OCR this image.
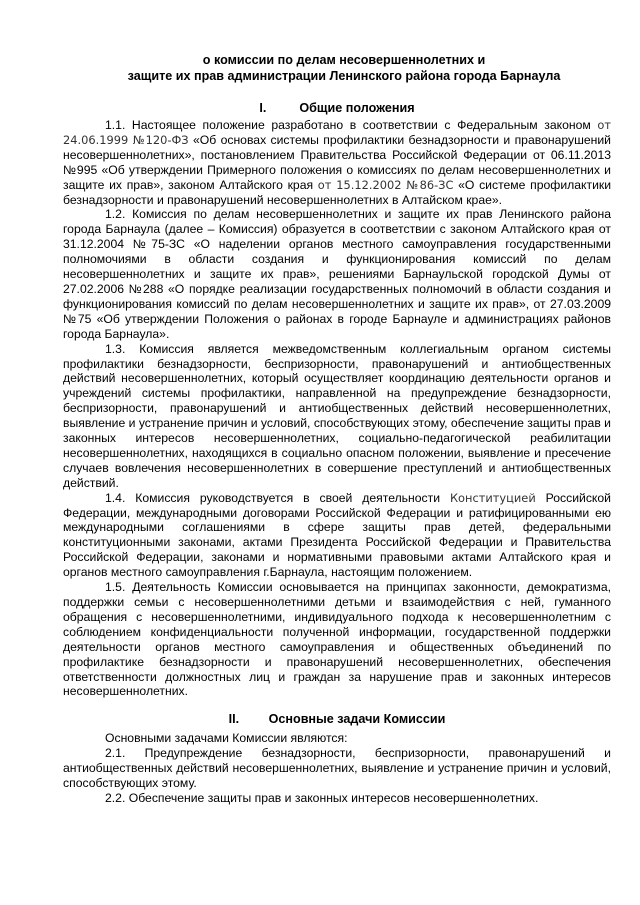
о комиссии по делам несовершеннолетних и
защите их прав администрации Ленинского района города Барнаула
I.	Общие положения

1.1. Настоящее положение разработано в соответствии с Федеральным законом от 24.06.1999 №120-ФЗ «Об основах системы профилактики безнадзорности и правонарушений несовершеннолетних», постановлением Правительства Российской Федерации от 06.11.2013 №995 «Об утверждении Примерного положения о комиссиях по делам несовершеннолетних и защите их прав», законом Алтайского края от 15.12.2002 №86-ЗС «О системе профилактики безнадзорности и правонарушений несовершеннолетних в Алтайском крае».

1.2. Комиссия по делам несовершеннолетних и защите их прав Ленинского района города Барнаула (далее – Комиссия) образуется в соответствии с законом Алтайского края от 31.12.2004 №75-ЗС «О наделении органов местного самоуправления государственными полномочиями в области создания и функционирования комиссий по делам несовершеннолетних и защите их прав», решениями Барнаульской городской Думы от 27.02.2006 №288 «О порядке реализации государственных полномочий в области создания и функционирования комиссий по делам несовершеннолетних и защите их прав», от 27.03.2009 №75 «Об утверждении Положения о районах в городе Барнауле и администрациях районов города Барнаула».

1.3. Комиссия является межведомственным коллегиальным органом системы профилактики безнадзорности, беспризорности, правонарушений и антиобщественных действий несовершеннолетних, который осуществляет координацию деятельности органов и учреждений системы профилактики, направленной на предупреждение безнадзорности, беспризорности, правонарушений и антиобщественных действий несовершеннолетних, выявление и устранение причин и условий, способствующих этому, обеспечение защиты прав и законных интересов несовершеннолетних, социально-педагогической реабилитации несовершеннолетних, находящихся в социально опасном положении, выявление и пресечение случаев вовлечения несовершеннолетних в совершение преступлений и антиобщественных действий.

1.4. Комиссия руководствуется в своей деятельности Конституцией Российской Федерации, международными договорами Российской Федерации и ратифицированными ею международными соглашениями в сфере защиты прав детей, федеральными конституционными законами, актами Президента Российской Федерации и Правительства Российской Федерации, законами и нормативными правовыми актами Алтайского края и органов местного самоуправления г.Барнаула, настоящим положением.

1.5. Деятельность Комиссии основывается на принципах законности, демократизма, поддержки семьи с несовершеннолетними детьми и взаимодействия с ней, гуманного обращения с несовершеннолетними, индивидуального подхода к несовершеннолетним с соблюдением конфиденциальности полученной информации, государственной поддержки деятельности органов местного самоуправления и общественных объединений по профилактике безнадзорности и правонарушений несовершеннолетних, обеспечения ответственности должностных лиц и граждан за нарушение прав и законных интересов несовершеннолетних.

II. Основные задачи Комиссии

Основными задачами Комиссии являются:

2.1. Предупреждение безнадзорности, беспризорности, правонарушений и антиобщественных действий несовершеннолетних, выявление и устранение причин и условий, способствующих этому.

2.2. Обеспечение защиты прав и законных интересов несовершеннолетних.
